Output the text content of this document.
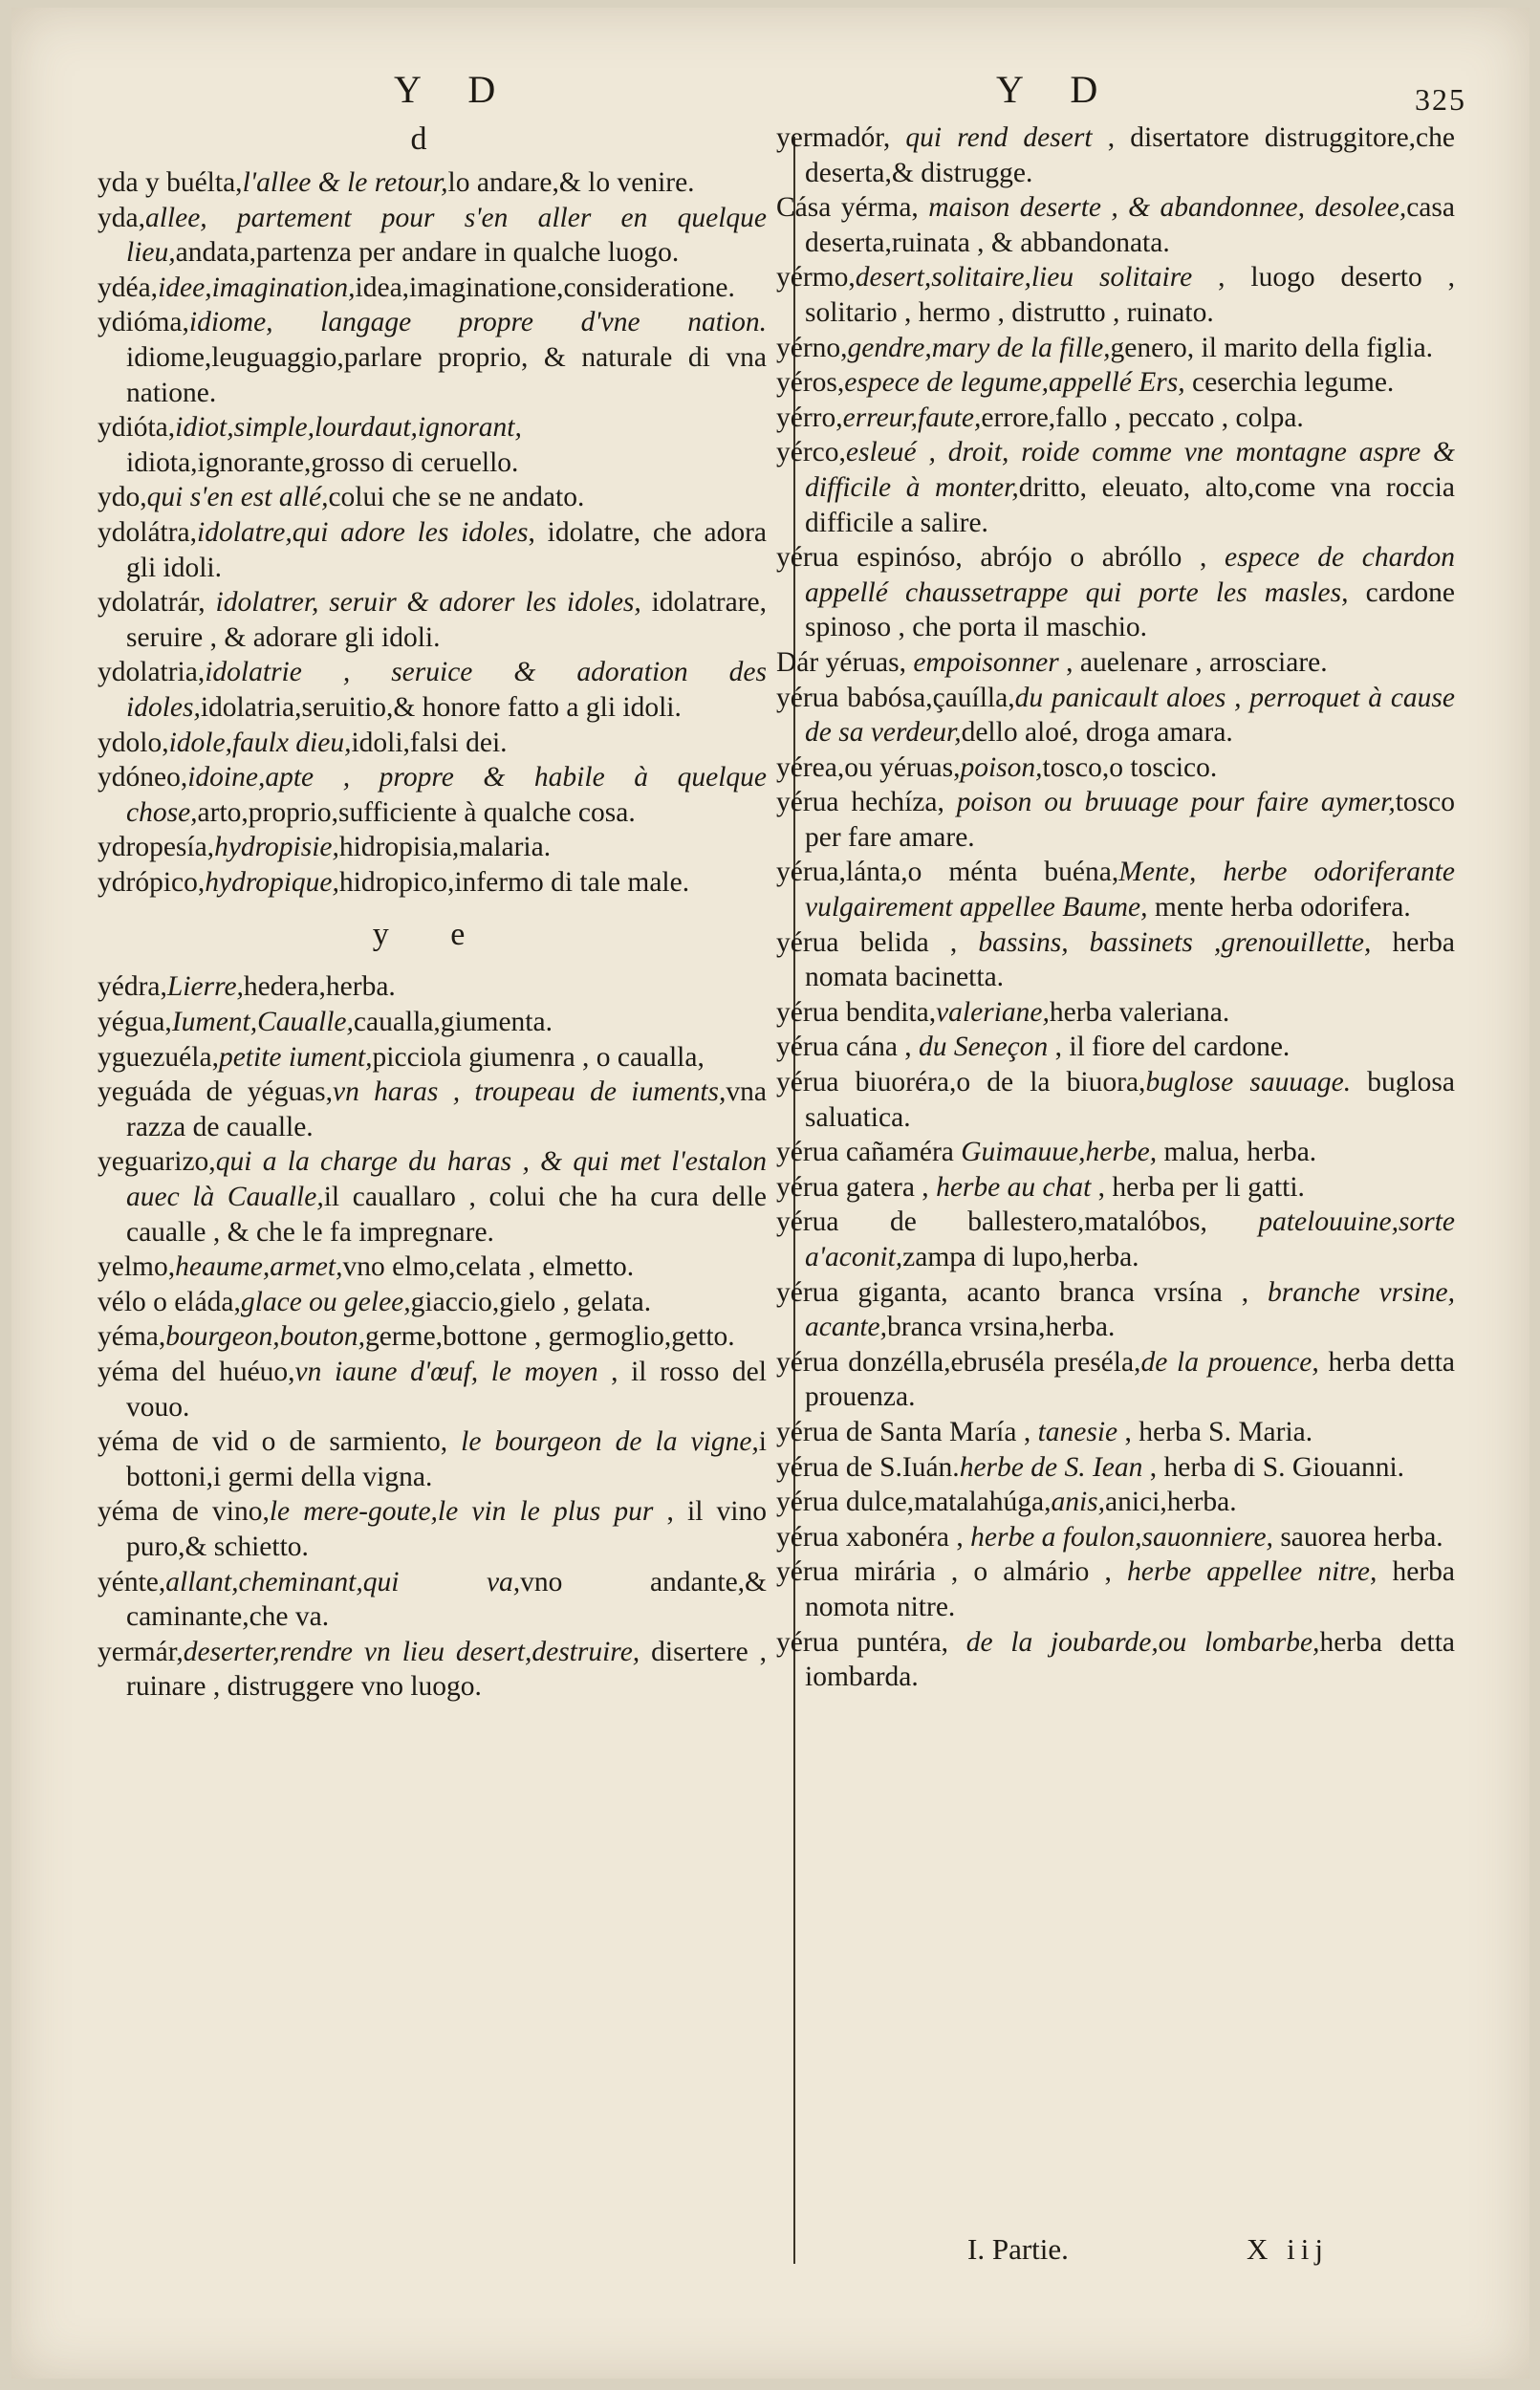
Y D	Y D	325

d

yda y buélta,l'allee & le retour,lo andare,& lo venire.

yda,allee, partement pour s'en aller en quelque lieu,andata,partenza per andare in qualche luogo.

ydéa,idee,imagination,idea,imaginatione,consideratione.

ydióma,idiome, langage propre d'vne nation. idiome,leuguaggio,parlare proprio, & naturale di vna natione.

ydióta,idiot,simple,lourdaut,ignorant, idiota,ignorante,grosso di ceruello.

ydo,qui s'en est allé,colui che se ne andato.

ydolátra,idolatre,qui adore les idoles, idolatre, che adora gli idoli.

ydolatrár, idolatrer, seruir & adorer les idoles, idolatrare, seruire , & adorare gli idoli.

ydolatria,idolatrie , seruice & adoration des idoles,idolatria,seruitio,& honore fatto a gli idoli.

ydolo,idole,faulx dieu,idoli,falsi dei.

ydóneo,idoine,apte , propre & habile à quelque chose,arto,proprio,sufficiente à qualche cosa.

ydropesía,hydropisie,hidropisia,malaria.

ydrópico,hydropique,hidropico,infermo di tale male.

y e

yédra,Lierre,hedera,herba.

yégua,Iument,Caualle,caualla,giumenta.

yguezuéla,petite iument,picciola giumenra , o caualla,

yeguáda de yéguas,vn haras , troupeau de iuments,vna razza de caualle.

yeguarizo,qui a la charge du haras , & qui met l'estalon auec là Caualle,il cauallaro , colui che ha cura delle caualle , & che le fa impregnare.

yelmo,heaume,armet,vno elmo,celata , elmetto.

vélo o eláda,glace ou gelee,giaccio,gielo , gelata.

yéma,bourgeon,bouton,germe,bottone , germoglio,getto.

yéma del huéuo,vn iaune d'œuf, le moyen , il rosso del vouo.

yéma de vid o de sarmiento, le bourgeon de la vigne,i bottoni,i germi della vigna.

yéma de vino,le mere-goute,le vin le plus pur , il vino puro,& schietto.

yénte,allant,cheminant,qui va,vno andante,& caminante,che va.

yermár,deserter,rendre vn lieu desert,destruire, disertere , ruinare , distruggere vno luogo.

yermadór, qui rend desert , disertatore distruggitore,che deserta,& distrugge.

Cása yérma, maison deserte , & abandonnee, desolee,casa deserta,ruinata , & abbandonata.

yérmo,desert,solitaire,lieu solitaire , luogo deserto , solitario , hermo , distrutto , ruinato.

yérno,gendre,mary de la fille,genero, il marito della figlia.

yéros,espece de legume,appellé Ers, ceserchia legume.

yérro,erreur,faute,errore,fallo , peccato , colpa.

yérco,esleué , droit, roide comme vne montagne aspre & difficile à monter,dritto, eleuato, alto,come vna roccia difficile a salire.

yérua espinóso, abrójo o abróllo , espece de chardon appellé chaussetrappe qui porte les masles, cardone spinoso , che porta il maschio.

Dár yéruas, empoisonner , auelenare , arrosciare.

yérua babósa,çauílla,du panicault aloes , perroquet à cause de sa verdeur,dello aloé, droga amara.

yérea,ou yéruas,poison,tosco,o toscico.

yérua hechíza, poison ou bruuage pour faire aymer,tosco per fare amare.

yérua,lánta,o ménta buéna,Mente, herbe odoriferante vulgairement appellee Baume, mente herba odorifera.

yérua belida , bassins, bassinets ,grenouillette, herba nomata bacinetta.

yérua bendita,valeriane,herba valeriana.

yérua cána , du Seneçon , il fiore del cardone.

yérua biuoréra,o de la biuora,buglose sauuage. buglosa saluatica.

yérua cañaméra Guimauue,herbe, malua, herba.

yérua gatera , herbe au chat , herba per li gatti.

yérua de ballestero,matalóbos, patelouuine,sorte a'aconit,zampa di lupo,herba.

yérua giganta, acanto branca vrsína , branche vrsine, acante,branca vrsina,herba.

yérua donzélla,ebruséla preséla,de la prouence, herba detta prouenza.

yérua de Santa María , tanesie , herba S. Maria.

yérua de S.Iuán.herbe de S. Iean , herba di S. Giouanni.

yérua dulce,matalahúga,anis,anici,herba.

yérua xabonéra , herbe a foulon,sauonniere, sauorea herba.

yérua mirária , o almário , herbe appellee nitre, herba nomota nitre.

yérua puntéra, de la joubarde,ou lombarbe,herba detta iombarda.

I. Partie.	X iij
